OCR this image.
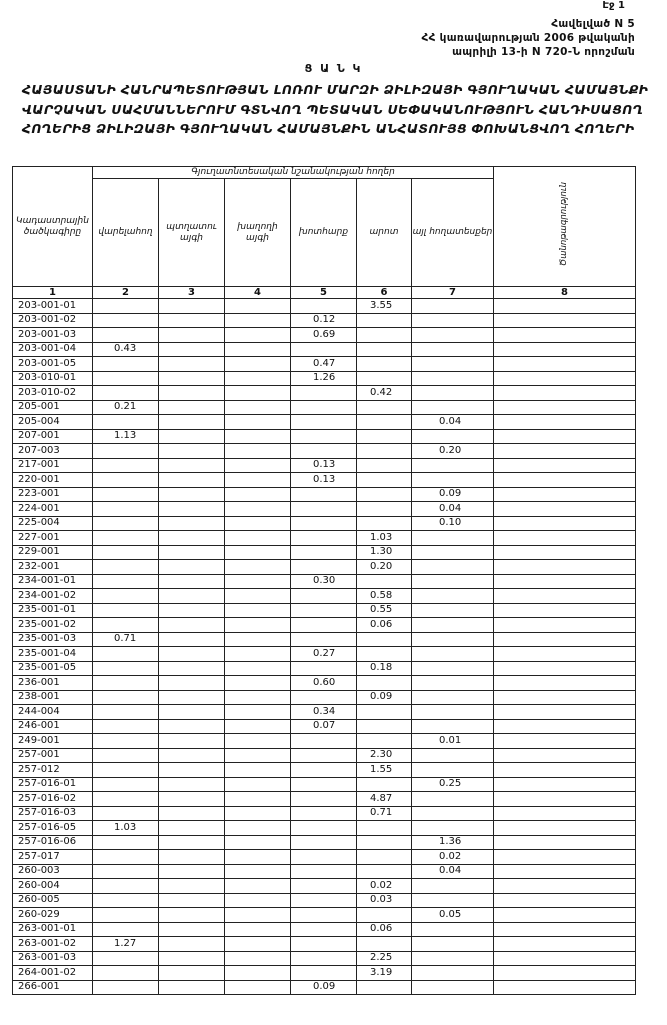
Էջ 1
Հավելված N 5
ՀՀ կառավարության 2006 թվականի
ապրիլի 13-ի N 720-Ն որոշման
Ց Ա Ն Կ
ՀԱՅԱՍՏԱՆԻ ՀԱՆՐԱՊԵՏՈՒԹՅԱՆ ԼՈՌՈՒ ՄԱՐԶԻ ՁԻԼԻԶԱՅԻ ԳՅՈՒՂԱԿԱՆ ՀԱՄԱՅՆՔԻ
ՎԱՐՉԱԿԱՆ ՍԱՀՄԱՆՆԵՐՈՒՄ ԳՏՆՎՈՂ ՊԵՏԱԿԱՆ ՍԵՓԱԿԱՆՈՒԹՅՈՒՆ ՀԱՆԴԻՍԱՑՈՂ
ՀՈՂԵՐԻՑ ՁԻԼԻԶԱՅԻ ԳՅՈՒՂԱԿԱՆ ՀԱՄԱՅՆՔԻՆ ԱՆՀԱՏՈՒՅՑ ՓՈԽԱՆՑՎՈՂ ՀՈՂԵՐԻ
Կադաստրային ծածկագիրը	Գյուղատնտեսական նշանակության հողեր						Ծանոթագրություն
	վարելահող	պտղատու այգի	խաղողի այգի	խոտհարք	արոտ	այլ հողատեսքեր	
1	2	3	4	5	6	7	8
203-001-01					3.55		
203-001-02				0.12			
203-001-03				0.69			
203-001-04	0.43						
203-001-05				0.47			
203-010-01				1.26			
203-010-02					0.42		
205-001	0.21						
205-004						0.04	
207-001	1.13						
207-003						0.20	
217-001				0.13			
220-001				0.13			
223-001						0.09	
224-001						0.04	
225-004						0.10	
227-001					1.03		
229-001					1.30		
232-001					0.20		
234-001-01				0.30			
234-001-02					0.58		
235-001-01					0.55		
235-001-02					0.06		
235-001-03	0.71						
235-001-04				0.27			
235-001-05					0.18		
236-001				0.60			
238-001					0.09		
244-004				0.34			
246-001				0.07			
249-001						0.01	
257-001					2.30		
257-012					1.55		
257-016-01						0.25	
257-016-02					4.87		
257-016-03					0.71		
257-016-05	1.03						
257-016-06						1.36	
257-017						0.02	
260-003						0.04	
260-004					0.02		
260-005					0.03		
260-029						0.05	
263-001-01					0.06		
263-001-02	1.27						
263-001-03					2.25		
264-001-02					3.19		
266-001				0.09			
